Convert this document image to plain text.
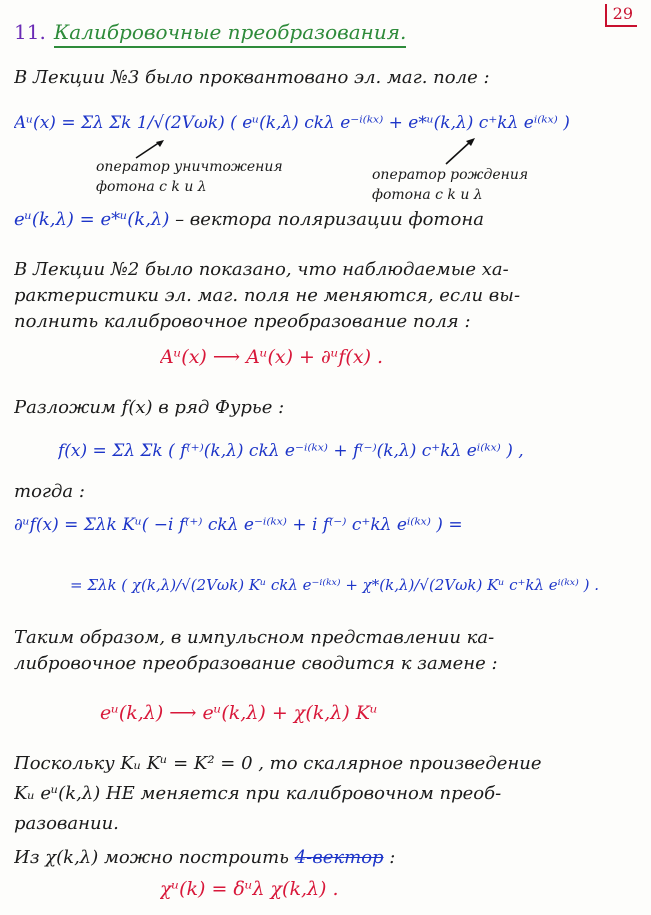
29
11. Калибровочные преобразования.
В Лекции №3 было проквантовано эл. маг. поле :
Aᵘ(x) = Σλ Σk 1/√(2Vωk) ( eᵘ(k,λ) ckλ e⁻ⁱ⁽ᵏˣ⁾ + e*ᵘ(k,λ) c⁺kλ eⁱ⁽ᵏˣ⁾ )
оператор уничтожения
фотона с k и λ
оператор рождения
фотона с k и λ
eᵘ(k,λ) = e*ᵘ(k,λ) – вектора поляризации фотона
В Лекции №2 было показано, что наблюдаемые ха-
рактеристики эл. маг. поля не меняются, если вы-
полнить калибровочное преобразование поля :
Aᵘ(x) ⟶ Aᵘ(x) + ∂ᵘf(x) .
Разложим f(x) в ряд Фурье :
f(x) = Σλ Σk ( f⁽⁺⁾(k,λ) ckλ e⁻ⁱ⁽ᵏˣ⁾ + f⁽⁻⁾(k,λ) c⁺kλ eⁱ⁽ᵏˣ⁾ ) ,
тогда :
∂ᵘf(x) = Σλk Kᵘ( −i f⁽⁺⁾ ckλ e⁻ⁱ⁽ᵏˣ⁾ + i f⁽⁻⁾ c⁺kλ eⁱ⁽ᵏˣ⁾ ) =
= Σλk ( χ(k,λ)/√(2Vωk) Kᵘ ckλ e⁻ⁱ⁽ᵏˣ⁾ + χ*(k,λ)/√(2Vωk) Kᵘ c⁺kλ eⁱ⁽ᵏˣ⁾ ) .
Таким образом, в импульсном представлении ка-
либровочное преобразование сводится к замене :
eᵘ(k,λ) ⟶ eᵘ(k,λ) + χ(k,λ) Kᵘ
Поскольку Kᵤ Kᵘ = K² = 0 , то скалярное произведение
Kᵤ eᵘ(k,λ) НЕ меняется при калибровочном преоб-
разовании.
Из χ(k,λ) можно построить 4-вектор :
χᵘ(k) = δᵘλ χ(k,λ) .
